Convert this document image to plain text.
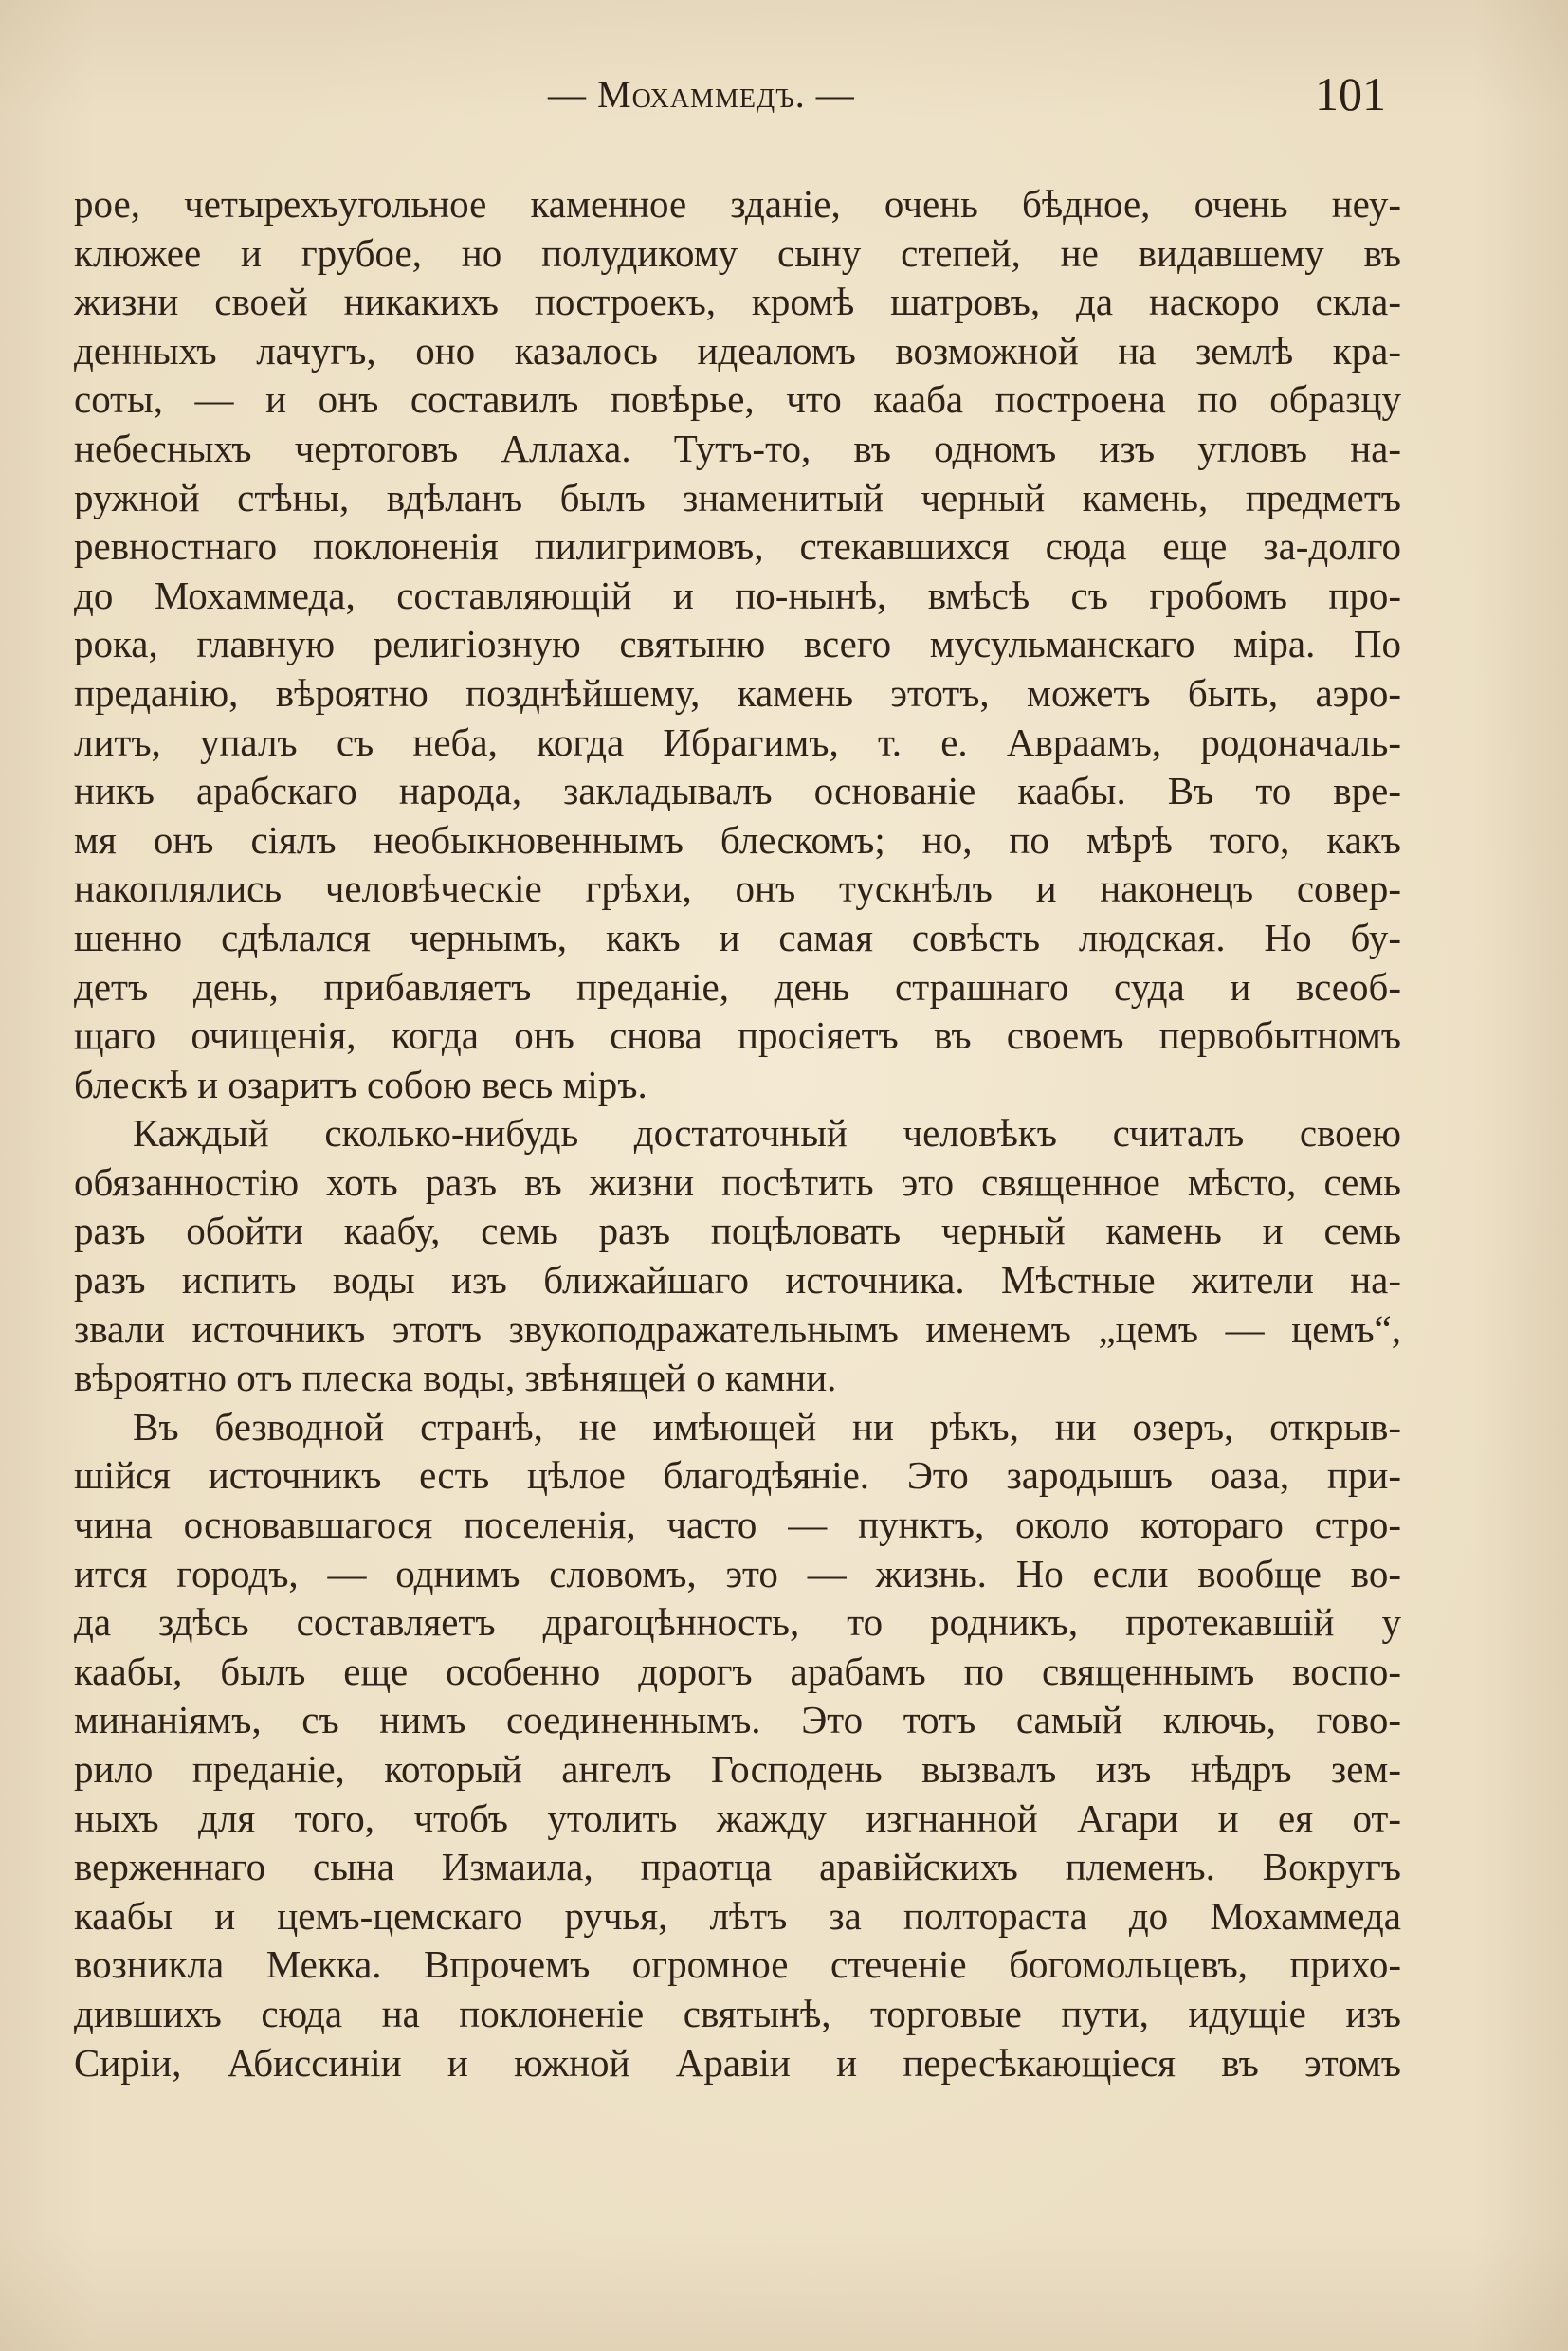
— Мохаммедъ. —	101
рое, четырехъугольное каменное зданіе, очень бѣдное, очень неу-
клюжее и грубое, но полудикому сыну степей, не видавшему въ
жизни своей никакихъ построекъ, кромѣ шатровъ, да наскоро скла-
денныхъ лачугъ, оно казалось идеаломъ возможной на землѣ кра-
соты, — и онъ составилъ повѣрье, что кааба построена по образцу
небесныхъ чертоговъ Аллаха. Тутъ-то, въ одномъ изъ угловъ на-
ружной стѣны, вдѣланъ былъ знаменитый черный камень, предметъ
ревностнаго поклоненія пилигримовъ, стекавшихся сюда еще за-долго
до Мохаммеда, составляющій и по-нынѣ, вмѣсѣ съ гробомъ про-
рока, главную религіозную святыню всего мусульманскаго міра. По
преданію, вѣроятно позднѣйшему, камень этотъ, можетъ быть, аэро-
литъ, упалъ съ неба, когда Ибрагимъ, т. е. Авраамъ, родоначаль-
никъ арабскаго народа, закладывалъ основаніе каабы. Въ то вре-
мя онъ сіялъ необыкновеннымъ блескомъ; но, по мѣрѣ того, какъ
накоплялись человѣческіе грѣхи, онъ тускнѣлъ и наконецъ совер-
шенно сдѣлался чернымъ, какъ и самая совѣсть людская. Но бу-
детъ день, прибавляетъ преданіе, день страшнаго суда и всеоб-
щаго очищенія, когда онъ снова просіяетъ въ своемъ первобытномъ
блескѣ и озаритъ собою весь міръ.
Каждый сколько-нибудь достаточный человѣкъ считалъ своею
обязанностію хоть разъ въ жизни посѣтить это священное мѣсто, семь
разъ обойти каабу, семь разъ поцѣловать черный камень и семь
разъ испить воды изъ ближайшаго источника. Мѣстные жители на-
звали источникъ этотъ звукоподражательнымъ именемъ „цемъ — цемъ“,
вѣроятно отъ плеска воды, звѣнящей о камни.
Въ безводной странѣ, не имѣющей ни рѣкъ, ни озеръ, открыв-
шійся источникъ есть цѣлое благодѣяніе. Это зародышъ оаза, при-
чина основавшагося поселенія, часто — пунктъ, около котораго стро-
ится городъ, — однимъ словомъ, это — жизнь. Но если вообще во-
да здѣсь составляетъ драгоцѣнность, то родникъ, протекавшій у
каабы, былъ еще особенно дорогъ арабамъ по священнымъ воспо-
минаніямъ, съ нимъ соединеннымъ. Это тотъ самый ключь, гово-
рило преданіе, который ангелъ Господень вызвалъ изъ нѣдръ зем-
ныхъ для того, чтобъ утолить жажду изгнанной Агари и ея от-
верженнаго сына Измаила, праотца аравійскихъ племенъ. Вокругъ
каабы и цемъ-цемскаго ручья, лѣтъ за полтораста до Мохаммеда
возникла Мекка. Впрочемъ огромное стеченіе богомольцевъ, прихо-
дившихъ сюда на поклоненіе святынѣ, торговые пути, идущіе изъ
Сиріи, Абиссиніи и южной Аравіи и пересѣкающіеся въ этомъ
